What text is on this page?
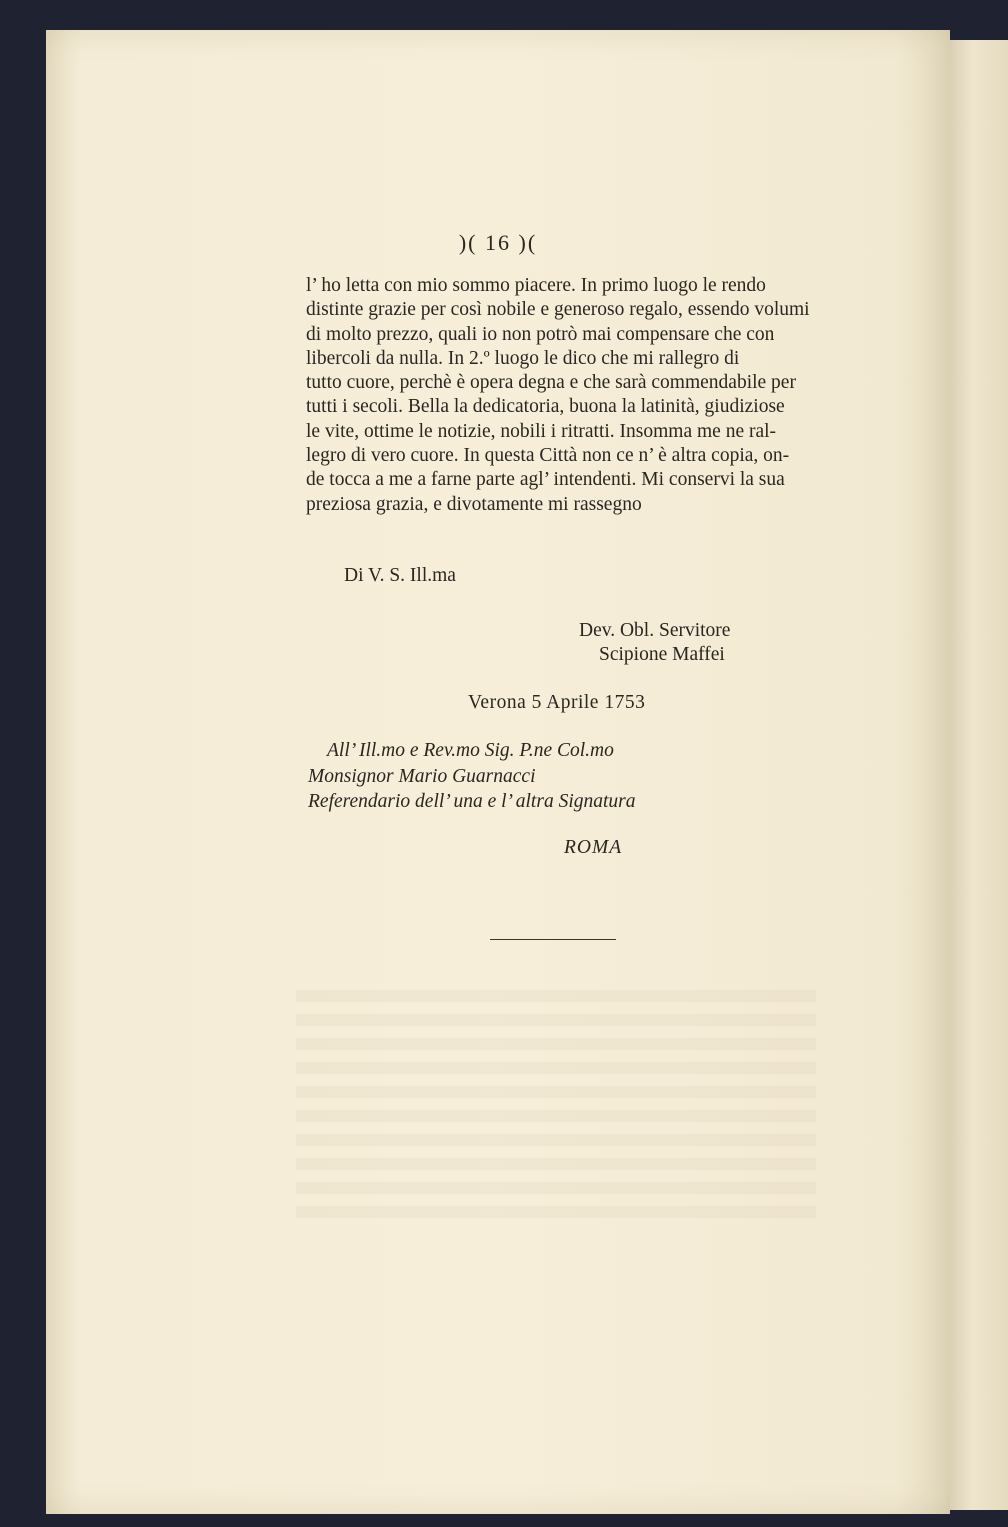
)( 16 )(

l’ ho letta con mio sommo piacere. In primo luogo le rendo

distinte grazie per così nobile e generoso regalo, essendo volumi

di molto prezzo, quali io non potrò mai compensare che con

libercoli da nulla. In 2.º luogo le dico che mi rallegro di

tutto cuore, perchè è opera degna e che sarà commendabile per

tutti i secoli. Bella la dedicatoria, buona la latinità, giudiziose

le vite, ottime le notizie, nobili i ritratti. Insomma me ne ral-

legro di vero cuore. In questa Città non ce n’ è altra copia, on-

de tocca a me a farne parte agl’ intendenti. Mi conservi la sua

preziosa grazia, e divotamente mi rassegno

Di V. S. Ill.ma
Dev. Obl. Servitore
Scipione Maffei
Verona 5 Aprile 1753
All’ Ill.mo e Rev.mo Sig. P.ne Col.mo
Monsignor Mario Guarnacci
Referendario dell’ una e l’ altra Signatura
ROMA
